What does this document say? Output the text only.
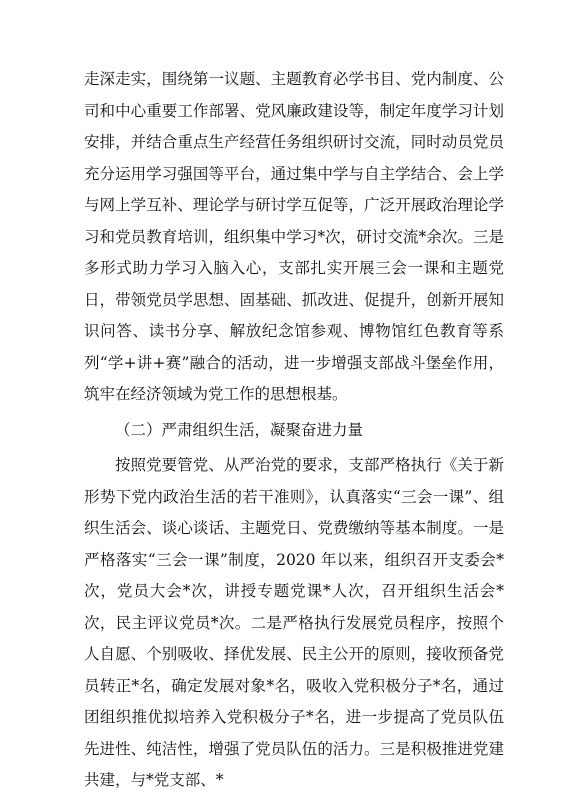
走深走实，围绕第一议题、主题教育必学书目、党内制度、公司和中心重要工作部署、党风廉政建设等，制定年度学习计划安排，并结合重点生产经营任务组织研讨交流，同时动员党员充分运用学习强国等平台，通过集中学与自主学结合、会上学与网上学互补、理论学与研讨学互促等，广泛开展政治理论学习和党员教育培训，组织集中学习*次，研讨交流*余次。三是多形式助力学习入脑入心，支部扎实开展三会一课和主题党日，带领党员学思想、固基础、抓改进、促提升，创新开展知识问答、读书分享、解放纪念馆参观、博物馆红色教育等系列“学+讲+赛”融合的活动，进一步增强支部战斗堡垒作用，筑牢在经济领域为党工作的思想根基。

（二）严肃组织生活，凝聚奋进力量

按照党要管党、从严治党的要求，支部严格执行《关于新形势下党内政治生活的若干准则》，认真落实“三会一课”、组织生活会、谈心谈话、主题党日、党费缴纳等基本制度。一是严格落实“三会一课”制度，2020 年以来，组织召开支委会*次，党员大会*次，讲授专题党课*人次，召开组织生活会*次，民主评议党员*次。二是严格执行发展党员程序，按照个人自愿、个别吸收、择优发展、民主公开的原则，接收预备党员转正*名，确定发展对象*名，吸收入党积极分子*名，通过团组织推优拟培养入党积极分子*名，进一步提高了党员队伍先进性、纯洁性，增强了党员队伍的活力。三是积极推进党建共建，与*党支部、*
